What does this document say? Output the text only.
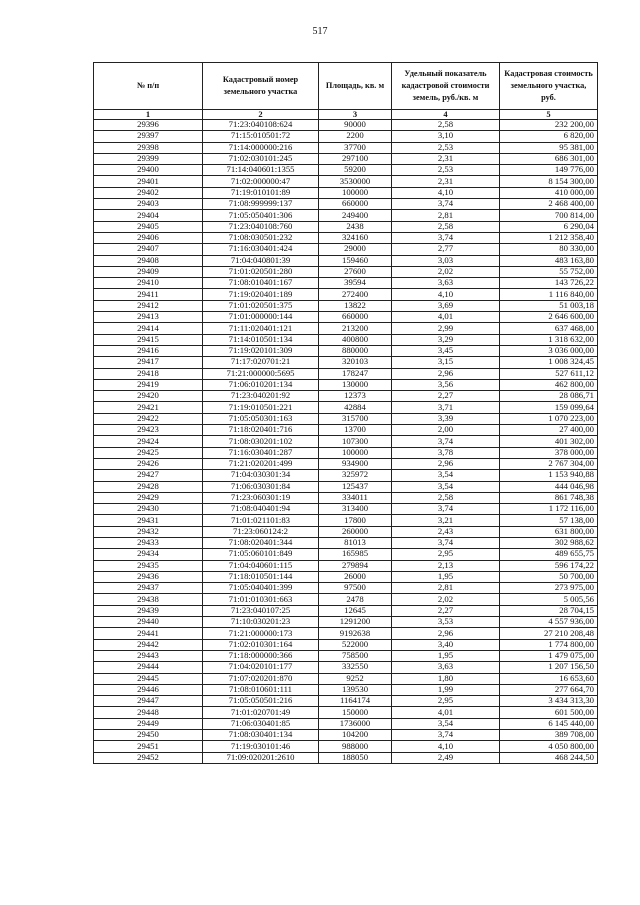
517
№ п/п	Кадастровый номер земельного участка	Площадь, кв. м	Удельный показатель кадастровой стоимости земель, руб./кв. м	Кадастровая стоимость земельного участка, руб.
1	2	3	4	5
29396	71:23:040108:624	90000	2,58	232 200,00
29397	71:15:010501:72	2200	3,10	6 820,00
29398	71:14:000000:216	37700	2,53	95 381,00
29399	71:02:030101:245	297100	2,31	686 301,00
29400	71:14:040601:1355	59200	2,53	149 776,00
29401	71:02:000000:47	3530000	2,31	8 154 300,00
29402	71:19:010101:89	100000	4,10	410 000,00
29403	71:08:999999:137	660000	3,74	2 468 400,00
29404	71:05:050401:306	249400	2,81	700 814,00
29405	71:23:040108:760	2438	2,58	6 290,04
29406	71:08:030501:232	324160	3,74	1 212 358,40
29407	71:16:030401:424	29000	2,77	80 330,00
29408	71:04:040801:39	159460	3,03	483 163,80
29409	71:01:020501:280	27600	2,02	55 752,00
29410	71:08:010401:167	39594	3,63	143 726,22
29411	71:19:020401:189	272400	4,10	1 116 840,00
29412	71:01:020501:375	13822	3,69	51 003,18
29413	71:01:000000:144	660000	4,01	2 646 600,00
29414	71:11:020401:121	213200	2,99	637 468,00
29415	71:14:010501:134	400800	3,29	1 318 632,00
29416	71:19:020101:309	880000	3,45	3 036 000,00
29417	71:17:020701:21	320103	3,15	1 008 324,45
29418	71:21:000000:5695	178247	2,96	527 611,12
29419	71:06:010201:134	130000	3,56	462 800,00
29420	71:23:040201:92	12373	2,27	28 086,71
29421	71:19:010501:221	42884	3,71	159 099,64
29422	71:05:050301:163	315700	3,39	1 070 223,00
29423	71:18:020401:716	13700	2,00	27 400,00
29424	71:08:030201:102	107300	3,74	401 302,00
29425	71:16:030401:287	100000	3,78	378 000,00
29426	71:21:020201:499	934900	2,96	2 767 304,00
29427	71:04:030301:34	325972	3,54	1 153 940,88
29428	71:06:030301:84	125437	3,54	444 046,98
29429	71:23:060301:19	334011	2,58	861 748,38
29430	71:08:040401:94	313400	3,74	1 172 116,00
29431	71:01:021101:83	17800	3,21	57 138,00
29432	71:23:060124:2	260000	2,43	631 800,00
29433	71:08:020401:344	81013	3,74	302 988,62
29434	71:05:060101:849	165985	2,95	489 655,75
29435	71:04:040601:115	279894	2,13	596 174,22
29436	71:18:010501:144	26000	1,95	50 700,00
29437	71:05:040401:399	97500	2,81	273 975,00
29438	71:01:010301:663	2478	2,02	5 005,56
29439	71:23:040107:25	12645	2,27	28 704,15
29440	71:10:030201:23	1291200	3,53	4 557 936,00
29441	71:21:000000:173	9192638	2,96	27 210 208,48
29442	71:02:010301:164	522000	3,40	1 774 800,00
29443	71:18:000000:366	758500	1,95	1 479 075,00
29444	71:04:020101:177	332550	3,63	1 207 156,50
29445	71:07:020201:870	9252	1,80	16 653,60
29446	71:08:010601:111	139530	1,99	277 664,70
29447	71:05:050501:216	1164174	2,95	3 434 313,30
29448	71:01:020701:49	150000	4,01	601 500,00
29449	71:06:030401:85	1736000	3,54	6 145 440,00
29450	71:08:030401:134	104200	3,74	389 708,00
29451	71:19:030101:46	988000	4,10	4 050 800,00
29452	71:09:020201:2610	188050	2,49	468 244,50
